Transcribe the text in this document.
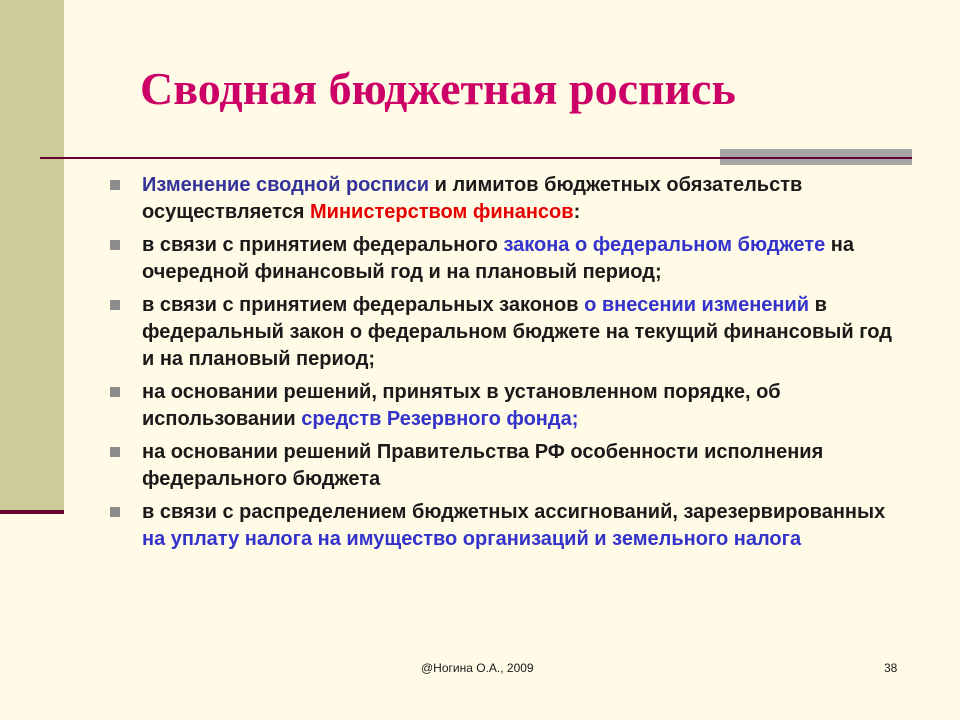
Сводная бюджетная роспись
Изменение сводной росписи и лимитов бюджетных обязательств осуществляется Министерством финансов:
в связи с принятием федерального закона о федеральном бюджете на очередной финансовый год и на плановый период;
в связи с принятием федеральных законов о внесении изменений в федеральный закон о федеральном бюджете на текущий финансовый год и на плановый период;
на основании решений, принятых в установленном порядке, об использовании средств Резервного фонда;
на основании решений Правительства РФ особенности исполнения федерального бюджета
в связи с распределением бюджетных ассигнований, зарезервированных на уплату налога на имущество организаций и земельного налога
@Ногина О.А., 2009	38
